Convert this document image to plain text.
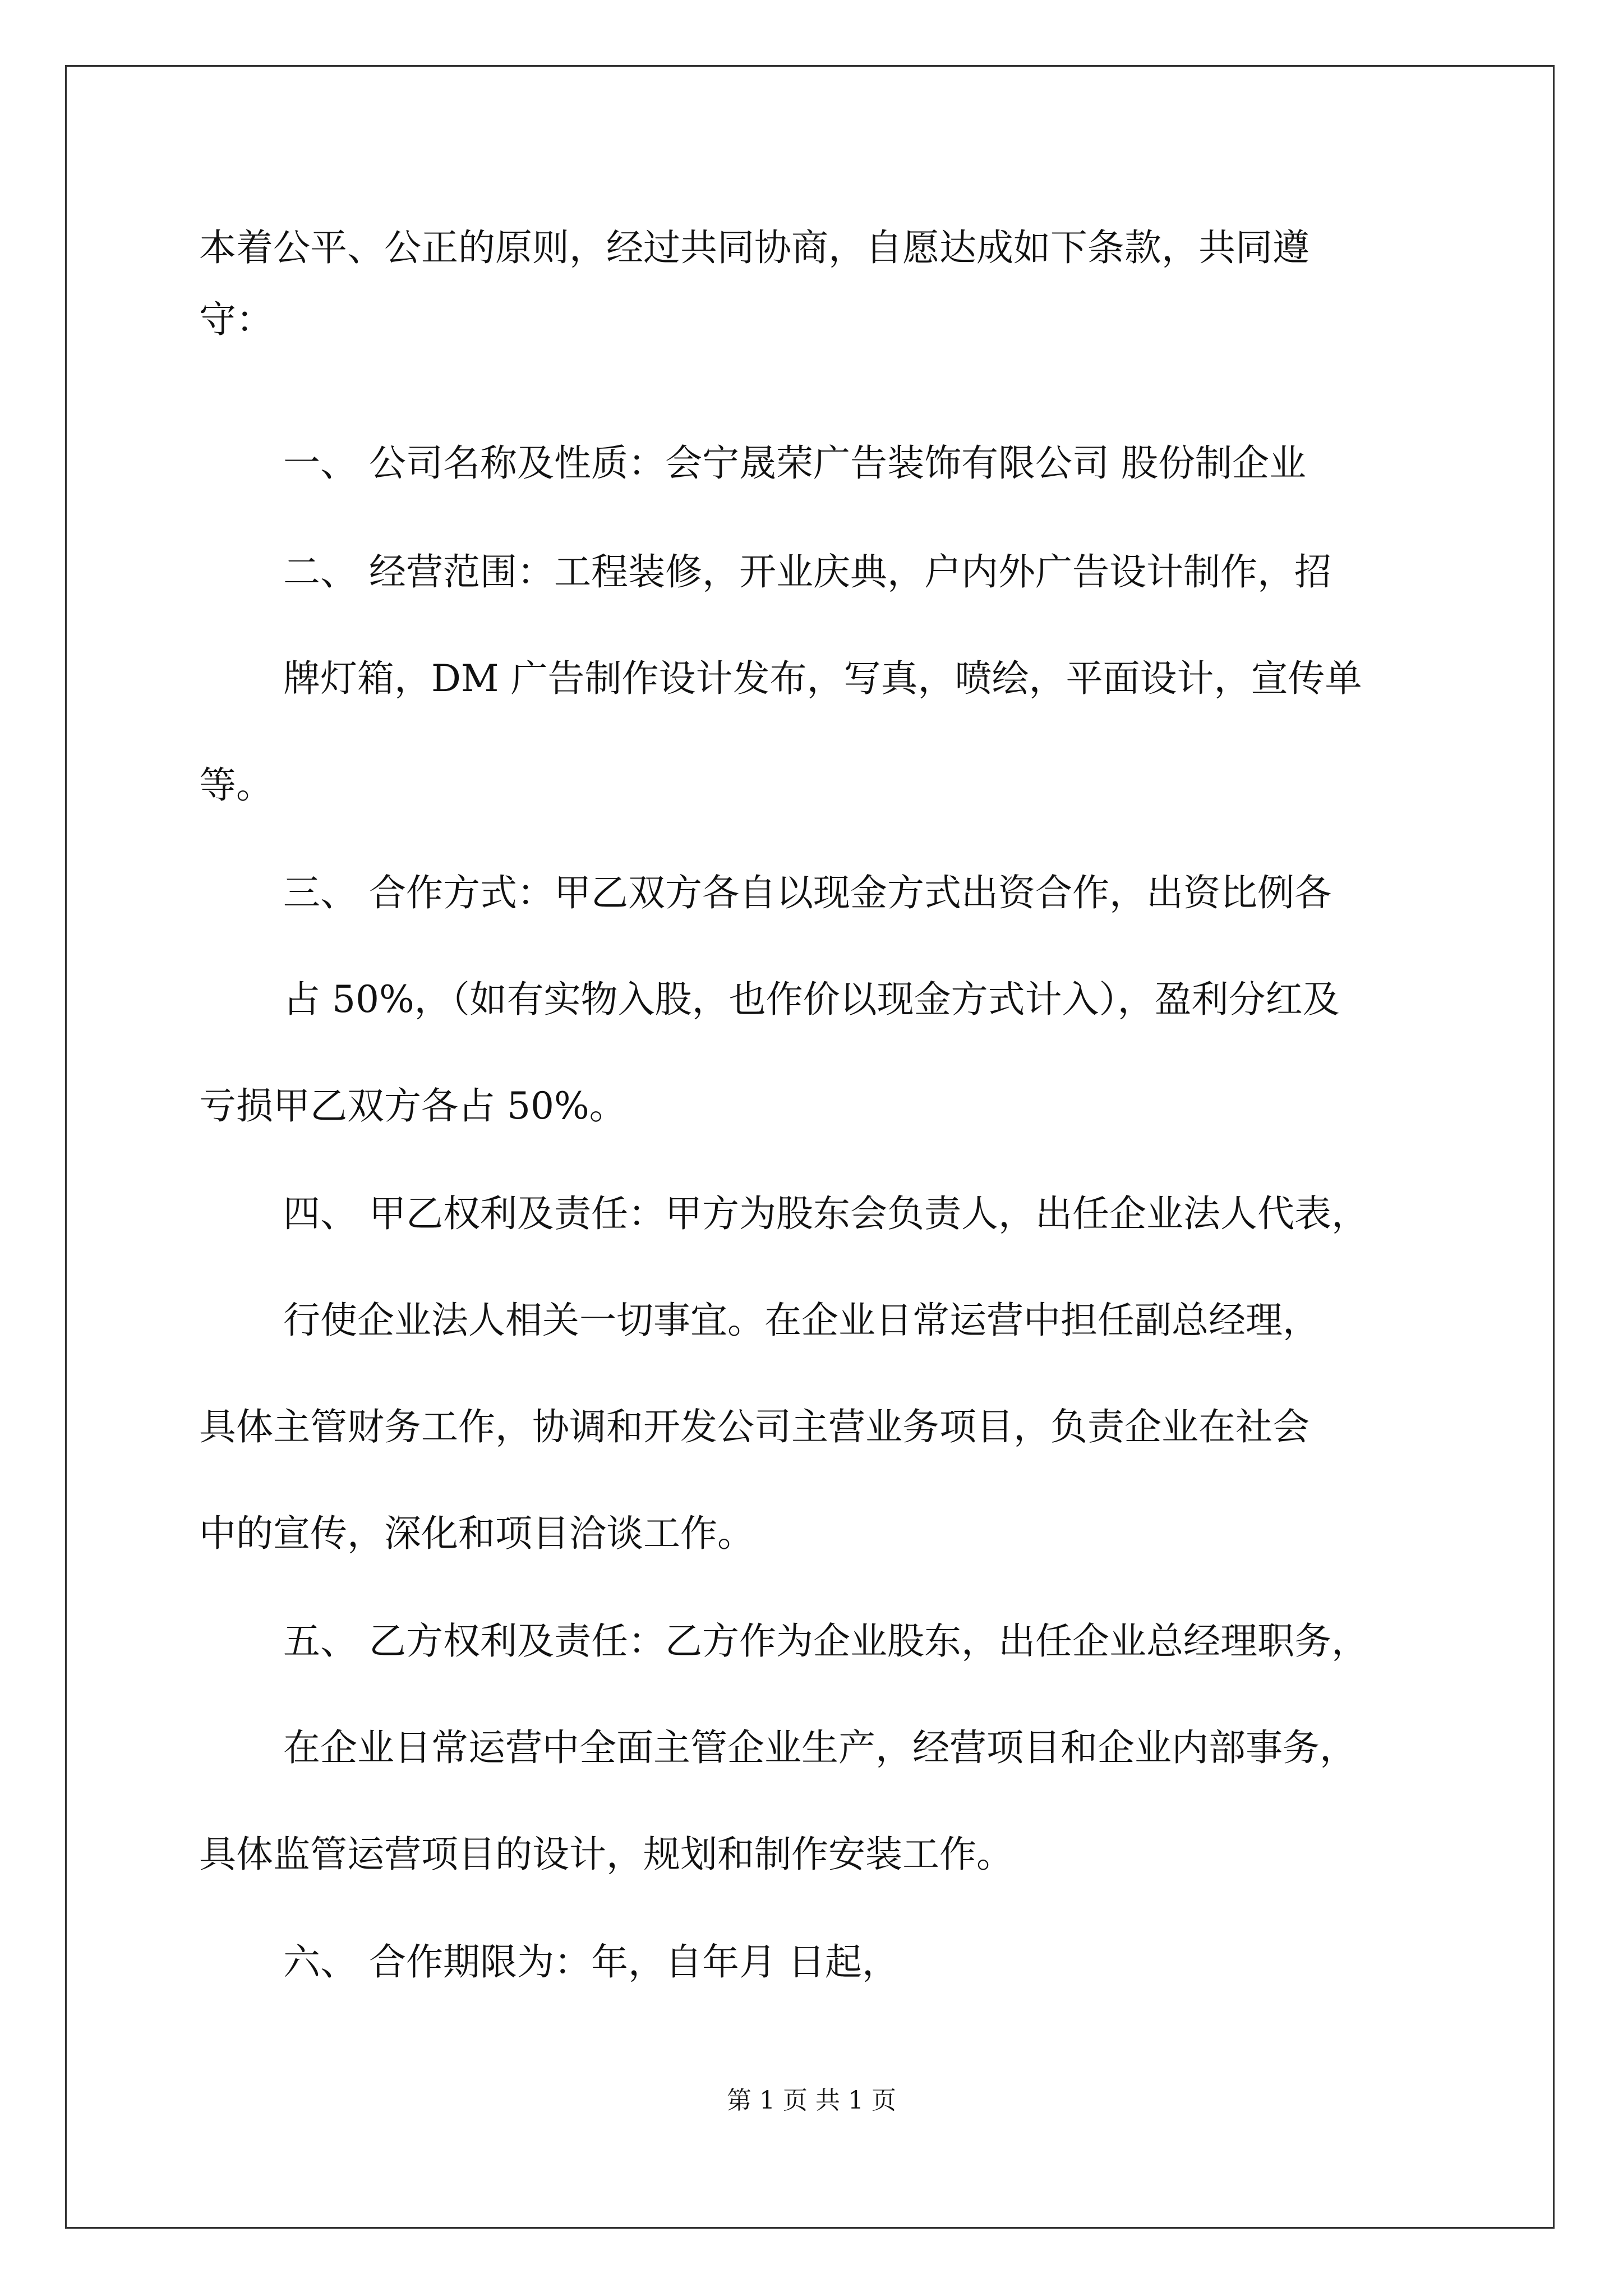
本着公平、公正的原则，经过共同协商，自愿达成如下条款，共同遵
守：
一、 公司名称及性质：会宁晟荣广告装饰有限公司 股份制企业
二、 经营范围：工程装修，开业庆典，户内外广告设计制作，招
牌灯箱，DM 广告制作设计发布，写真，喷绘，平面设计，宣传单
等。
三、 合作方式：甲乙双方各自以现金方式出资合作，出资比例各
占 50%，（如有实物入股，也作价以现金方式计入），盈利分红及
亏损甲乙双方各占 50%。
四、 甲乙权利及责任：甲方为股东会负责人，出任企业法人代表，
行使企业法人相关一切事宜。在企业日常运营中担任副总经理，
具体主管财务工作，协调和开发公司主营业务项目，负责企业在社会
中的宣传，深化和项目洽谈工作。
五、 乙方权利及责任：乙方作为企业股东，出任企业总经理职务，
在企业日常运营中全面主管企业生产，经营项目和企业内部事务，
具体监管运营项目的设计，规划和制作安装工作。
六、 合作期限为：年，自年月 日起，
第 1 页 共 1 页
